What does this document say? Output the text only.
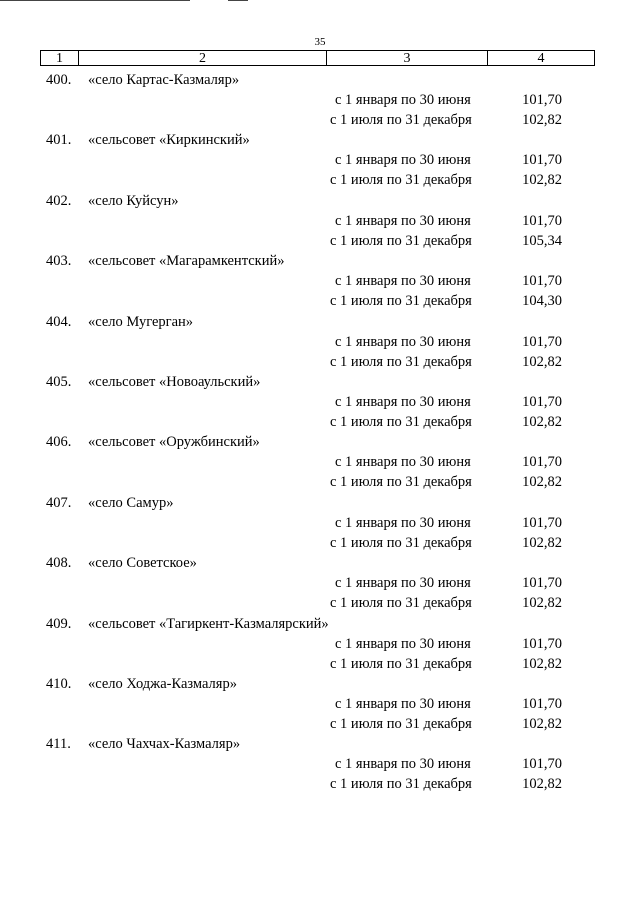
35
1	2	3	4
400. «село Картас-Казмаляр»
с 1 января по 30 июня	101,70
с 1 июля по 31 декабря	102,82
401. «сельсовет «Киркинский»
с 1 января по 30 июня	101,70
с 1 июля по 31 декабря	102,82
402. «село Куйсун»
с 1 января по 30 июня	101,70
с 1 июля по 31 декабря	105,34
403. «сельсовет «Магарамкентский»
с 1 января по 30 июня	101,70
с 1 июля по 31 декабря	104,30
404. «село Мугерган»
с 1 января по 30 июня	101,70
с 1 июля по 31 декабря	102,82
405. «сельсовет «Новоаульский»
с 1 января по 30 июня	101,70
с 1 июля по 31 декабря	102,82
406. «сельсовет «Оружбинский»
с 1 января по 30 июня	101,70
с 1 июля по 31 декабря	102,82
407. «село Самур»
с 1 января по 30 июня	101,70
с 1 июля по 31 декабря	102,82
408. «село Советское»
с 1 января по 30 июня	101,70
с 1 июля по 31 декабря	102,82
409. «сельсовет «Тагиркент-Казмалярский»
с 1 января по 30 июня	101,70
с 1 июля по 31 декабря	102,82
410. «село Ходжа-Казмаляр»
с 1 января по 30 июня	101,70
с 1 июля по 31 декабря	102,82
411. «село Чахчах-Казмаляр»
с 1 января по 30 июня	101,70
с 1 июля по 31 декабря	102,82
